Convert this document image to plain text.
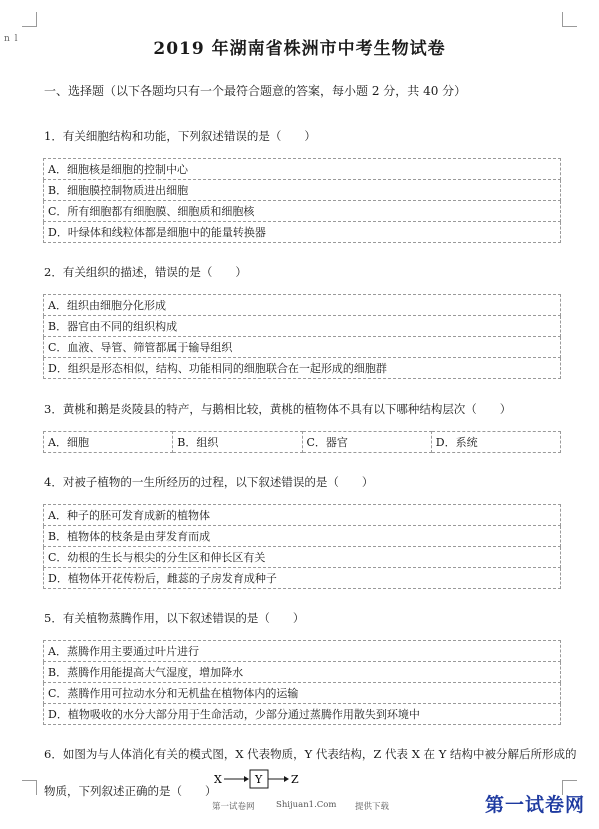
n l	2019 年湖南省株洲市中考生物试卷
一、选择题（以下各题均只有一个最符合题意的答案，每小题 2 分，共 40 分）
1．有关细胞结构和功能，下列叙述错误的是（　　）
A．细胞核是细胞的控制中心
B．细胞膜控制物质进出细胞
C．所有细胞都有细胞膜、细胞质和细胞核
D．叶绿体和线粒体都是细胞中的能量转换器
2．有关组织的描述，错误的是（　　）
A．组织由细胞分化形成
B．器官由不同的组织构成
C．血液、导管、筛管都属于输导组织
D．组织是形态相似，结构、功能相同的细胞联合在一起形成的细胞群
3．黄桃和鹅是炎陵县的特产，与鹅相比较，黄桃的植物体不具有以下哪种结构层次（　　）
A．细胞	B．组织	C．器官	D．系统
4．对被子植物的一生所经历的过程，以下叙述错误的是（　　）
A．种子的胚可发育成新的植物体
B．植物体的枝条是由芽发育而成
C．幼根的生长与根尖的分生区和伸长区有关
D．植物体开花传粉后，雌蕊的子房发育成种子
5．有关植物蒸腾作用，以下叙述错误的是（　　）
A．蒸腾作用主要通过叶片进行
B．蒸腾作用能提高大气湿度，增加降水
C．蒸腾作用可拉动水分和无机盐在植物体内的运输
D．植物吸收的水分大部分用于生命活动，少部分通过蒸腾作用散失到环境中
6．如图为与人体消化有关的模式图，X 代表物质，Y 代表结构，Z 代表 X 在 Y 结构中被分解后所形成的
物质，下列叙述正确的是（　　）
X	Y	Z
第一试卷网	Shijuan1.Com 提供下载	第一试卷网
